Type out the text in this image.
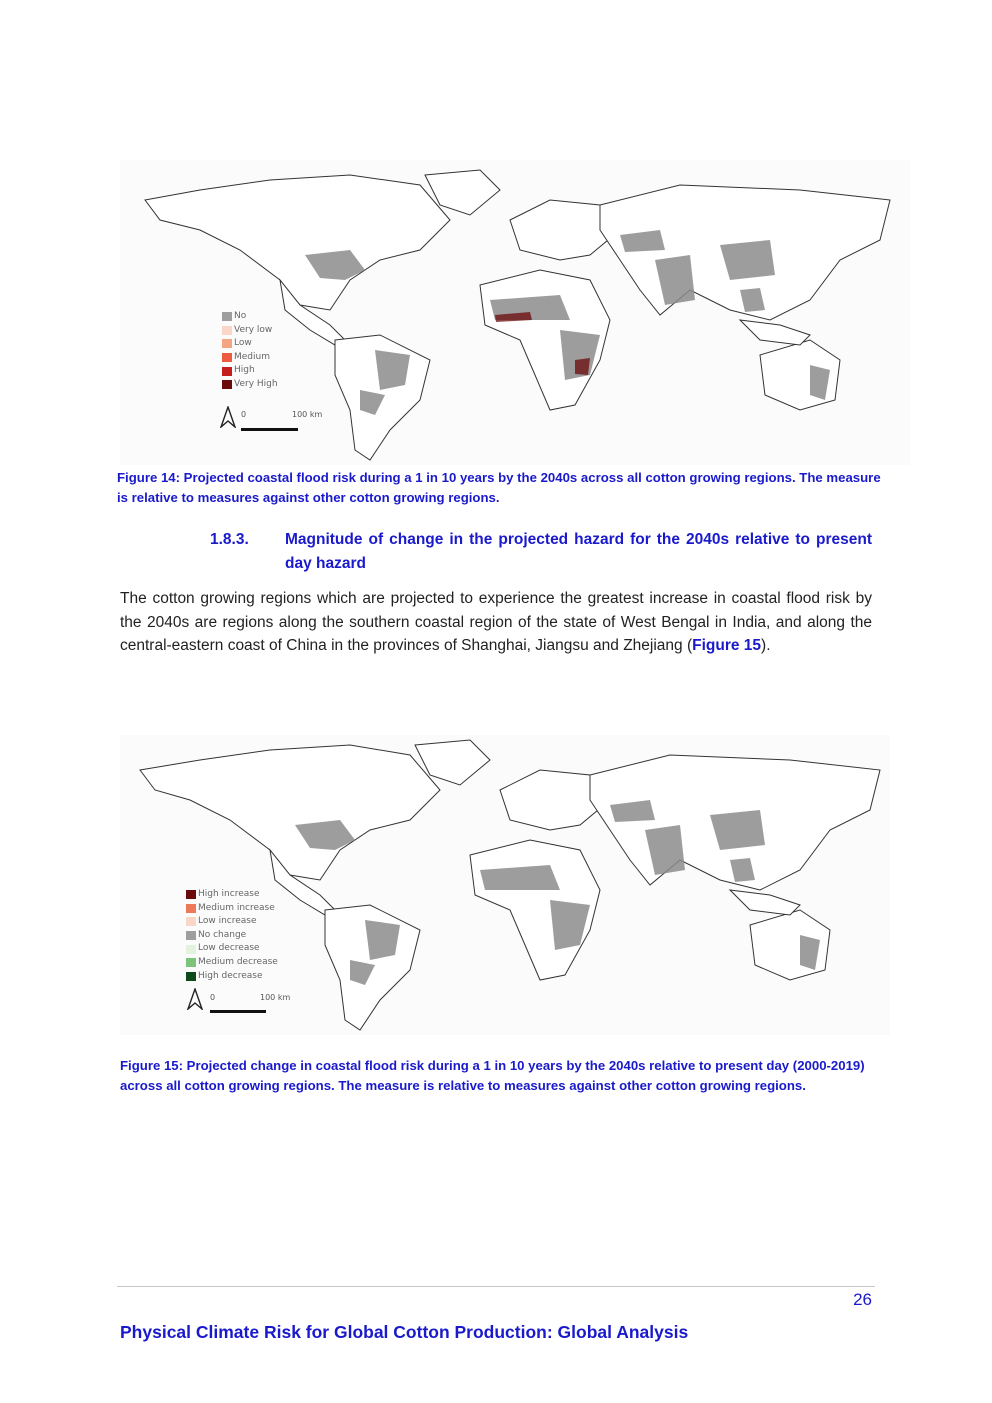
No
Very low
Low
Medium
High
Very High
0	100 km
Figure 14: Projected coastal flood risk during a 1 in 10 years by the 2040s across all cotton growing regions. The measure is relative to measures against other cotton growing regions.
1.8.3. Magnitude of change in the projected hazard for the 2040s relative to present day hazard

The cotton growing regions which are projected to experience the greatest increase in coastal flood risk by the 2040s are regions along the southern coastal region of the state of West Bengal in India, and along the central-eastern coast of China in the provinces of Shanghai, Jiangsu and Zhejiang (Figure 15).

High increase
Medium increase
Low increase
No change
Low decrease
Medium decrease
High decrease
0	100 km
Figure 15: Projected change in coastal flood risk during a 1 in 10 years by the 2040s relative to present day (2000-2019) across all cotton growing regions. The measure is relative to measures against other cotton growing regions.
26
Physical Climate Risk for Global Cotton Production: Global Analysis
